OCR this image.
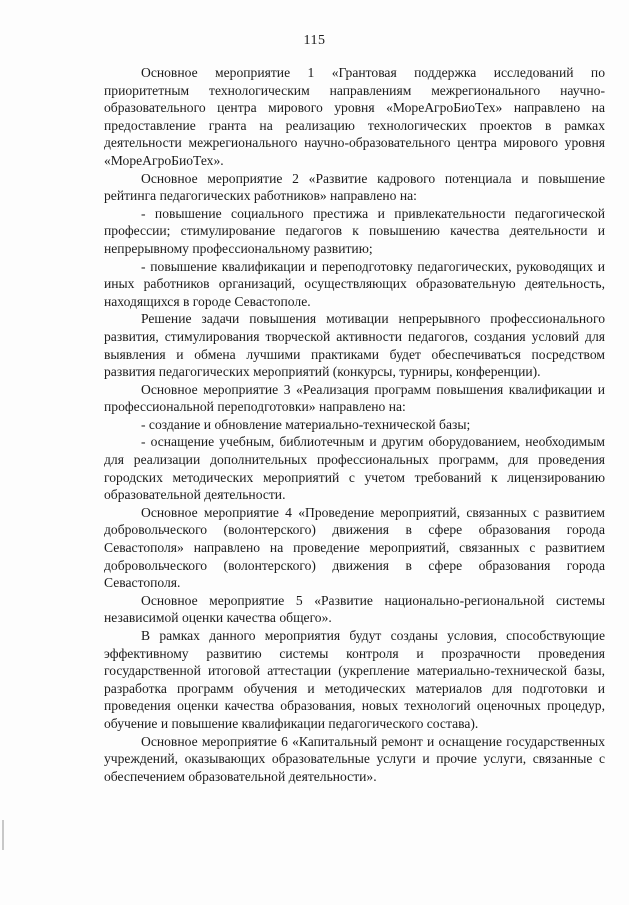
115

Основное мероприятие 1 «Грантовая поддержка исследований по приоритетным технологическим направлениям межрегионального научно-образовательного центра мирового уровня «МореАгроБиоТех» направлено на предоставление гранта на реализацию технологических проектов в рамках деятельности межрегионального научно-образовательного центра мирового уровня «МореАгроБиоТех».

Основное мероприятие 2 «Развитие кадрового потенциала и повышение рейтинга педагогических работников» направлено на:

- повышение социального престижа и привлекательности педагогической профессии; стимулирование педагогов к повышению качества деятельности и непрерывному профессиональному развитию;

- повышение квалификации и переподготовку педагогических, руководящих и иных работников организаций, осуществляющих образовательную деятельность, находящихся в городе Севастополе.

Решение задачи повышения мотивации непрерывного профессионального развития, стимулирования творческой активности педагогов, создания условий для выявления и обмена лучшими практиками будет обеспечиваться посредством развития педагогических мероприятий (конкурсы, турниры, конференции).

Основное мероприятие 3 «Реализация программ повышения квалификации и профессиональной переподготовки» направлено на:

- создание и обновление материально-технической базы;

- оснащение учебным, библиотечным и другим оборудованием, необходимым для реализации дополнительных профессиональных программ, для проведения городских методических мероприятий с учетом требований к лицензированию образовательной деятельности.

Основное мероприятие 4 «Проведение мероприятий, связанных с развитием добровольческого (волонтерского) движения в сфере образования города Севастополя» направлено на проведение мероприятий, связанных с развитием добровольческого (волонтерского) движения в сфере образования города Севастополя.

Основное мероприятие 5 «Развитие национально-региональной системы независимой оценки качества общего».

В рамках данного мероприятия будут созданы условия, способствующие эффективному развитию системы контроля и прозрачности проведения государственной итоговой аттестации (укрепление материально-технической базы, разработка программ обучения и методических материалов для подготовки и проведения оценки качества образования, новых технологий оценочных процедур, обучение и повышение квалификации педагогического состава).

Основное мероприятие 6 «Капитальный ремонт и оснащение государственных учреждений, оказывающих образовательные услуги и прочие услуги, связанные с обеспечением образовательной деятельности».
